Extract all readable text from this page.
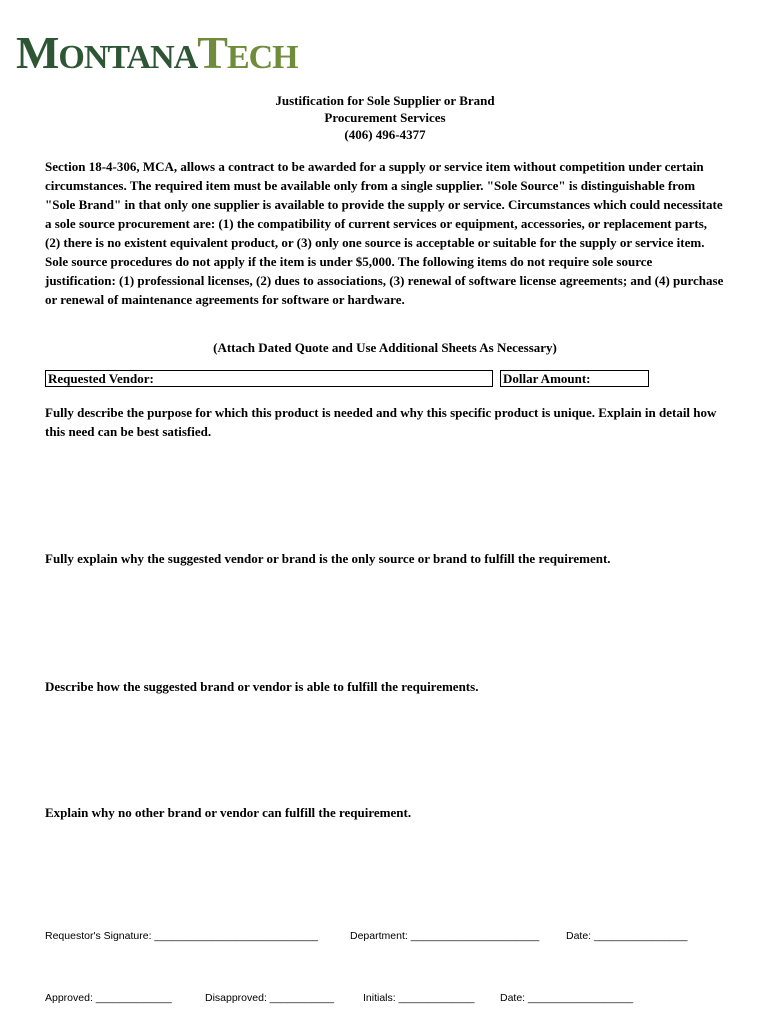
MONTANATECH
Justification for Sole Supplier or Brand
Procurement Services
(406) 496-4377

Section 18-4-306, MCA, allows a contract to be awarded for a supply or service item without competition under certain circumstances. The required item must be available only from a single supplier. "Sole Source" is distinguishable from "Sole Brand" in that only one supplier is available to provide the supply or service. Circumstances which could necessitate a sole source procurement are: (1) the compatibility of current services or equipment, accessories, or replacement parts, (2) there is no existent equivalent product, or (3) only one source is acceptable or suitable for the supply or service item. Sole source procedures do not apply if the item is under $5,000. The following items do not require sole source justification: (1) professional licenses, (2) dues to associations, (3) renewal of software license agreements; and (4) purchase or renewal of maintenance agreements for software or hardware.

(Attach Dated Quote and Use Additional Sheets As Necessary)
Requested Vendor:	Dollar Amount:

Fully describe the purpose for which this product is needed and why this specific product is unique. Explain in detail how this need can be best satisfied.

Fully explain why the suggested vendor or brand is the only source or brand to fulfill the requirement.

Describe how the suggested brand or vendor is able to fulfill the requirements.

Explain why no other brand or vendor can fulfill the requirement.

Requestor's Signature: ____________________________	Department: ______________________	Date: ________________
Approved: _____________	Disapproved: ___________	Initials: _____________ Date: __________________
